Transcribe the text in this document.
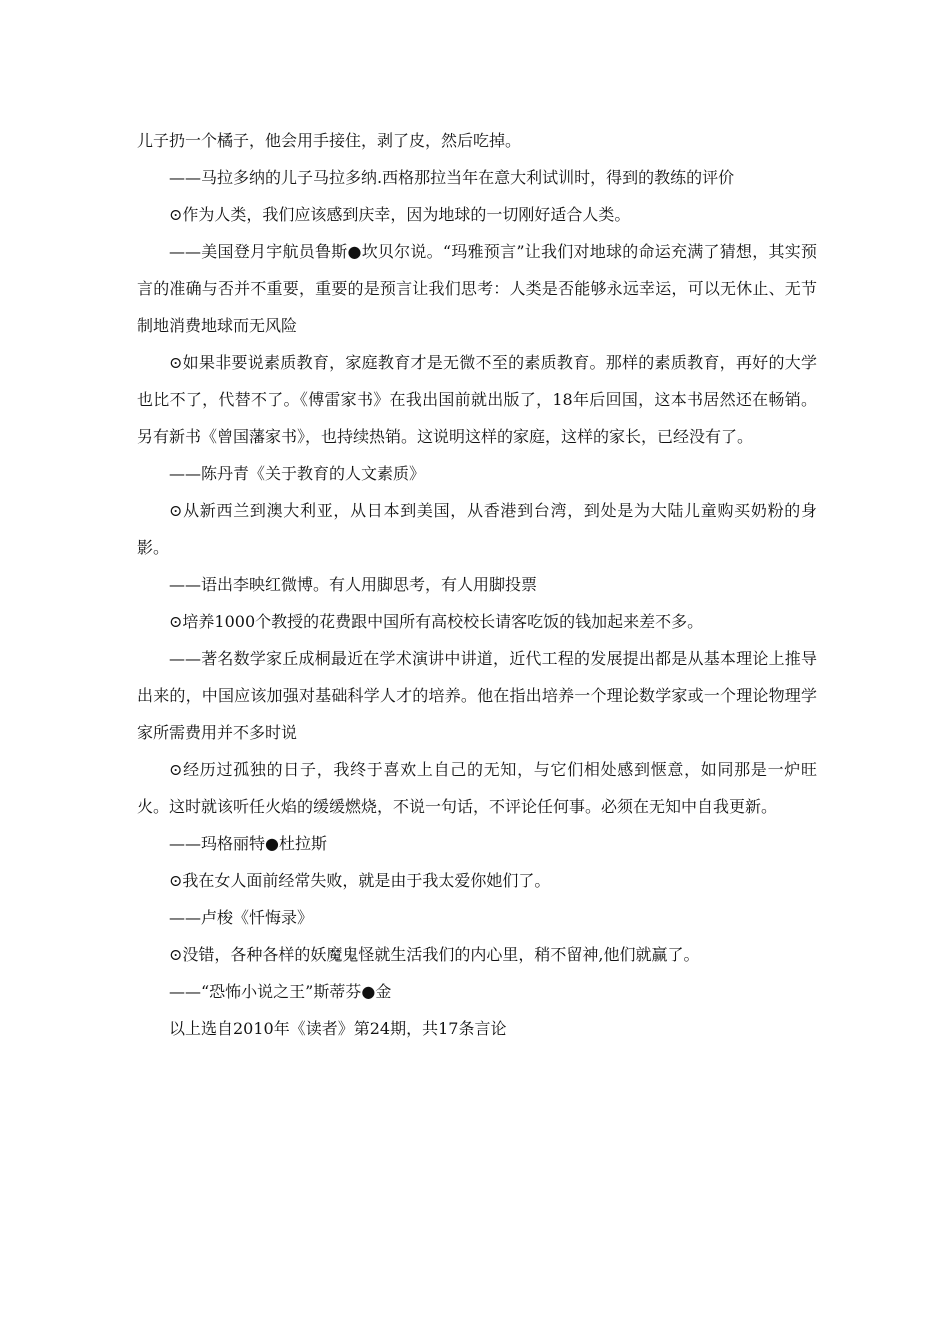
儿子扔一个橘子，他会用手接住，剥了皮，然后吃掉。

——马拉多纳的儿子马拉多纳.西格那拉当年在意大利试训时，得到的教练的评价

⊙作为人类，我们应该感到庆幸，因为地球的一切刚好适合人类。

——美国登月宇航员鲁斯●坎贝尔说。“玛雅预言”让我们对地球的命运充满了猜想，其实预言的准确与否并不重要，重要的是预言让我们思考：人类是否能够永远幸运，可以无休止、无节制地消费地球而无风险

⊙如果非要说素质教育，家庭教育才是无微不至的素质教育。那样的素质教育，再好的大学也比不了，代替不了。《傅雷家书》在我出国前就出版了，18年后回国，这本书居然还在畅销。另有新书《曾国藩家书》，也持续热销。这说明这样的家庭，这样的家长，已经没有了。

——陈丹青《关于教育的人文素质》

⊙从新西兰到澳大利亚，从日本到美国，从香港到台湾，到处是为大陆儿童购买奶粉的身影。

——语出李映红微博。有人用脚思考，有人用脚投票

⊙培养1000个教授的花费跟中国所有高校校长请客吃饭的钱加起来差不多。

——著名数学家丘成桐最近在学术演讲中讲道，近代工程的发展提出都是从基本理论上推导出来的，中国应该加强对基础科学人才的培养。他在指出培养一个理论数学家或一个理论物理学家所需费用并不多时说

⊙经历过孤独的日子，我终于喜欢上自己的无知，与它们相处感到惬意，如同那是一炉旺火。这时就该听任火焰的缓缓燃烧，不说一句话，不评论任何事。必须在无知中自我更新。

——玛格丽特●杜拉斯

⊙我在女人面前经常失败，就是由于我太爱你她们了。

——卢梭《忏悔录》

⊙没错，各种各样的妖魔鬼怪就生活我们的内心里，稍不留神,他们就赢了。

——“恐怖小说之王”斯蒂芬●金

以上选自2010年《读者》第24期，共17条言论
